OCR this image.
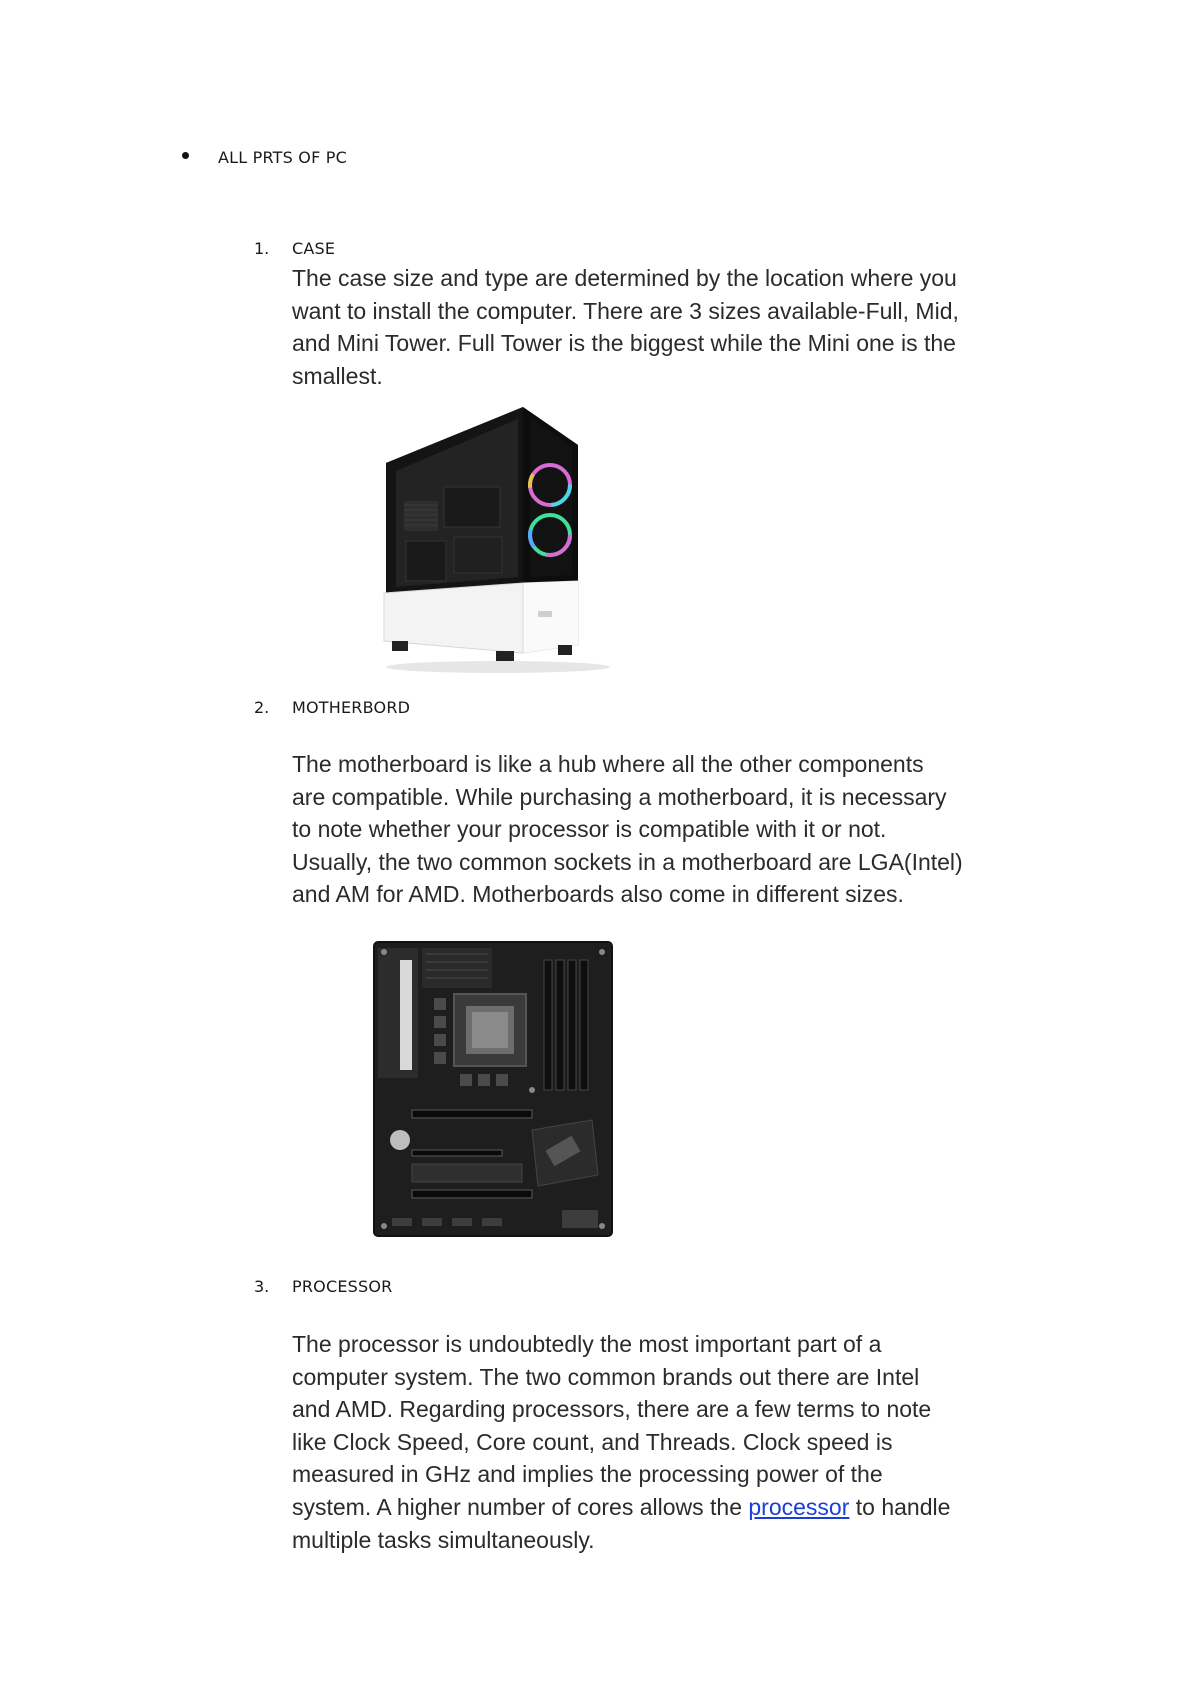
ALL PRTS OF PC
1. CASE
The case size and type are determined by the location where you
want to install the computer. There are 3 sizes available-Full, Mid,
and Mini Tower. Full Tower is the biggest while the Mini one is the
smallest.
2. MOTHERBORD
The motherboard is like a hub where all the other components
are compatible. While purchasing a motherboard, it is necessary
to note whether your processor is compatible with it or not.
Usually, the two common sockets in a motherboard are LGA(Intel)
and AM for AMD. Motherboards also come in different sizes.
3. PROCESSOR
The processor is undoubtedly the most important part of a
computer system. The two common brands out there are Intel
and AMD. Regarding processors, there are a few terms to note
like Clock Speed, Core count, and Threads. Clock speed is
measured in GHz and implies the processing power of the
system. A higher number of cores allows the processor to handle
multiple tasks simultaneously.
